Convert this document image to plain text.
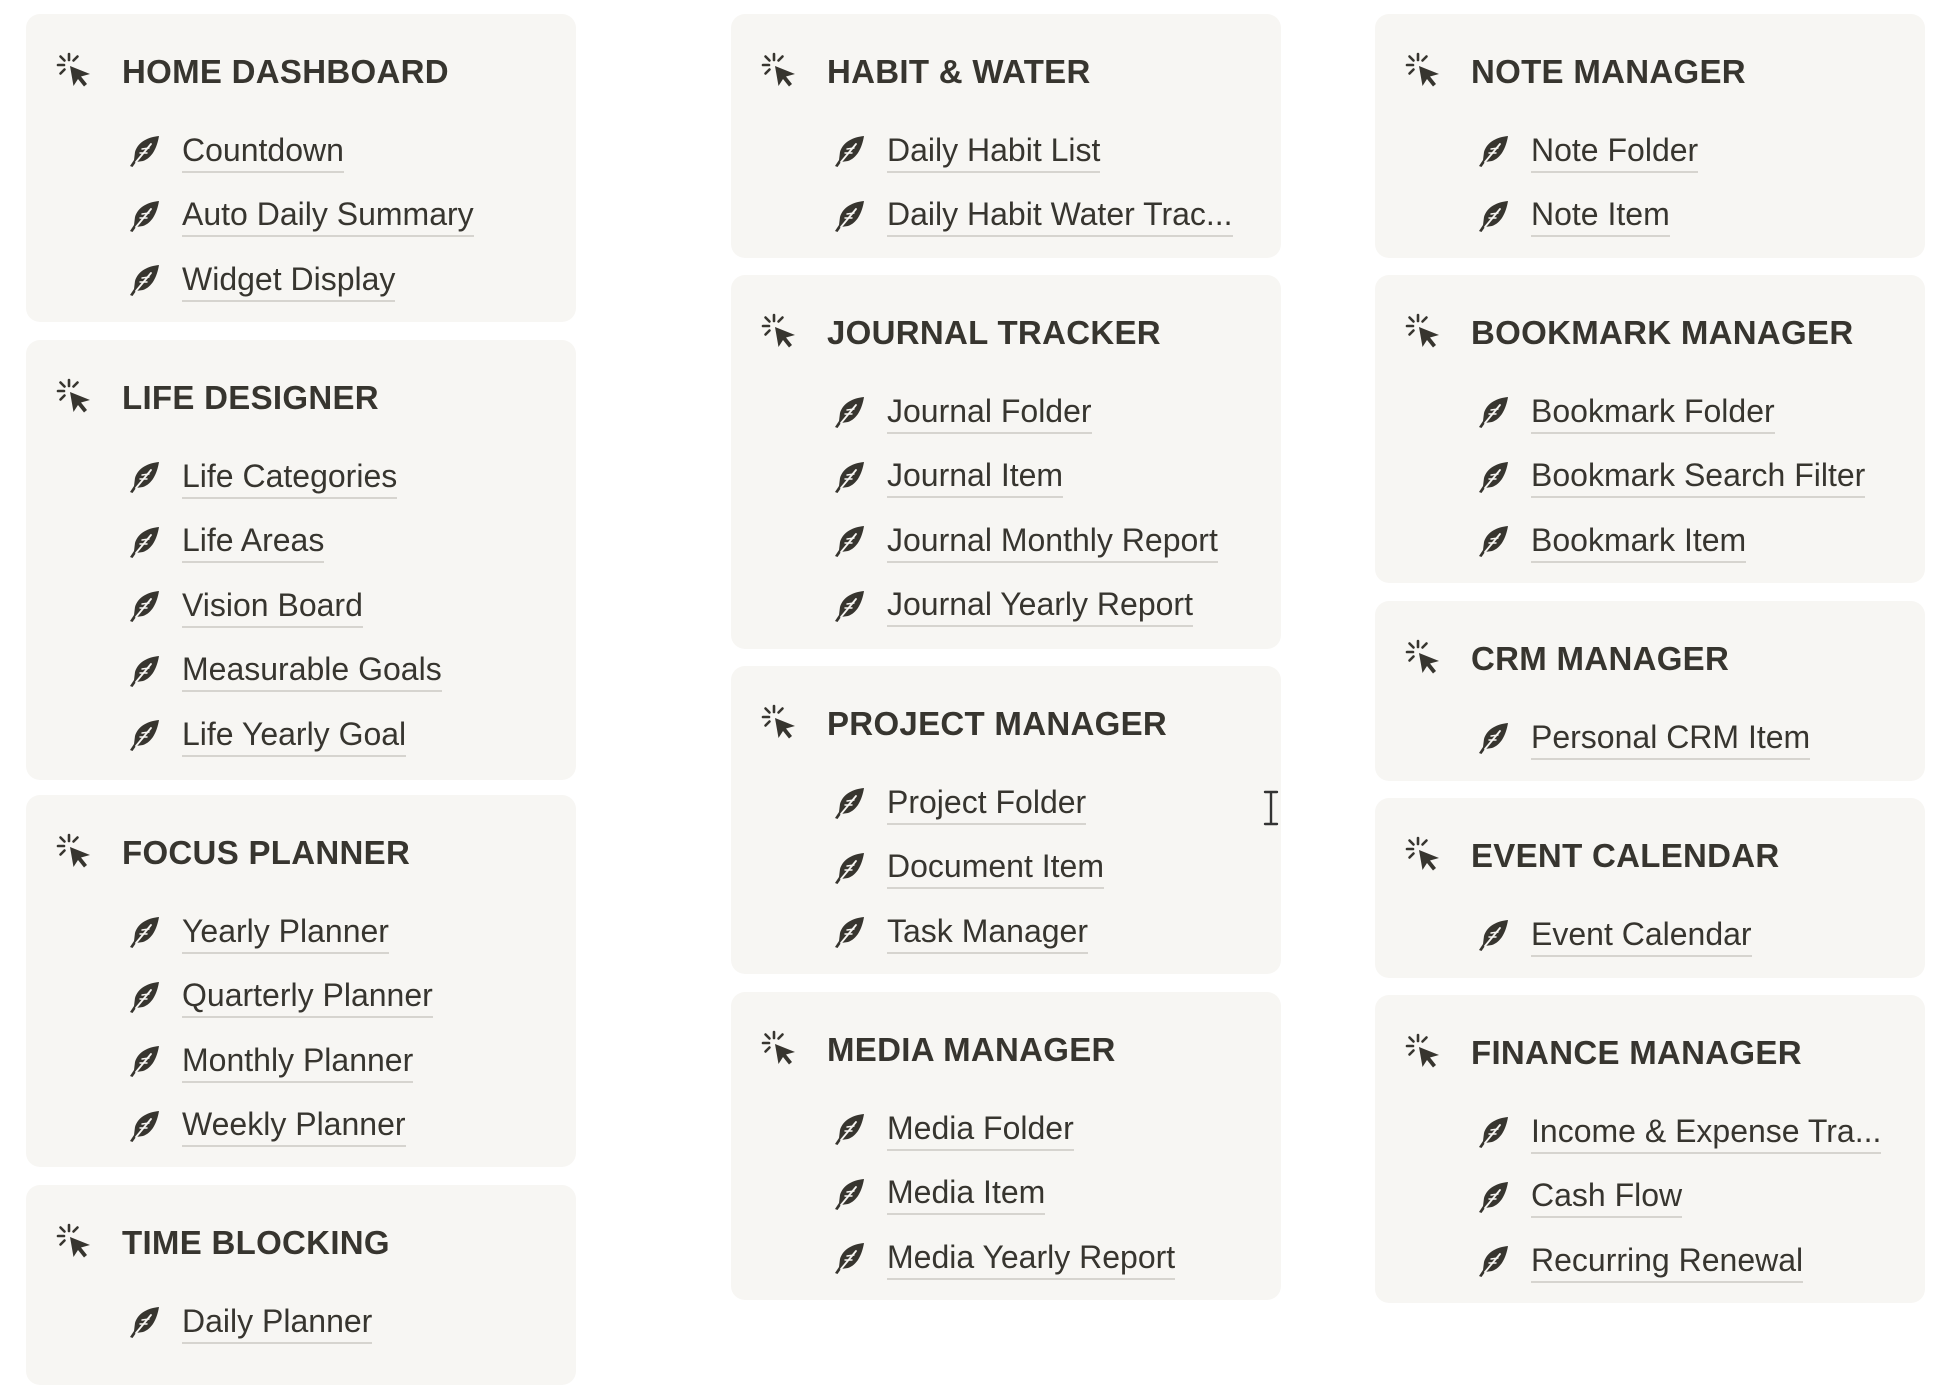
HOME DASHBOARD
Countdown
Auto Daily Summary
Widget Display
LIFE DESIGNER
Life Categories
Life Areas
Vision Board
Measurable Goals
Life Yearly Goal
FOCUS PLANNER
Yearly Planner
Quarterly Planner
Monthly Planner
Weekly Planner
TIME BLOCKING
Daily Planner
HABIT & WATER
Daily Habit List
Daily Habit Water Trac...
JOURNAL TRACKER
Journal Folder
Journal Item
Journal Monthly Report
Journal Yearly Report
PROJECT MANAGER
Project Folder
Document Item
Task Manager
MEDIA MANAGER
Media Folder
Media Item
Media Yearly Report
NOTE MANAGER
Note Folder
Note Item
BOOKMARK MANAGER
Bookmark Folder
Bookmark Search Filter
Bookmark Item
CRM MANAGER
Personal CRM Item
EVENT CALENDAR
Event Calendar
FINANCE MANAGER
Income & Expense Tra...
Cash Flow
Recurring Renewal
